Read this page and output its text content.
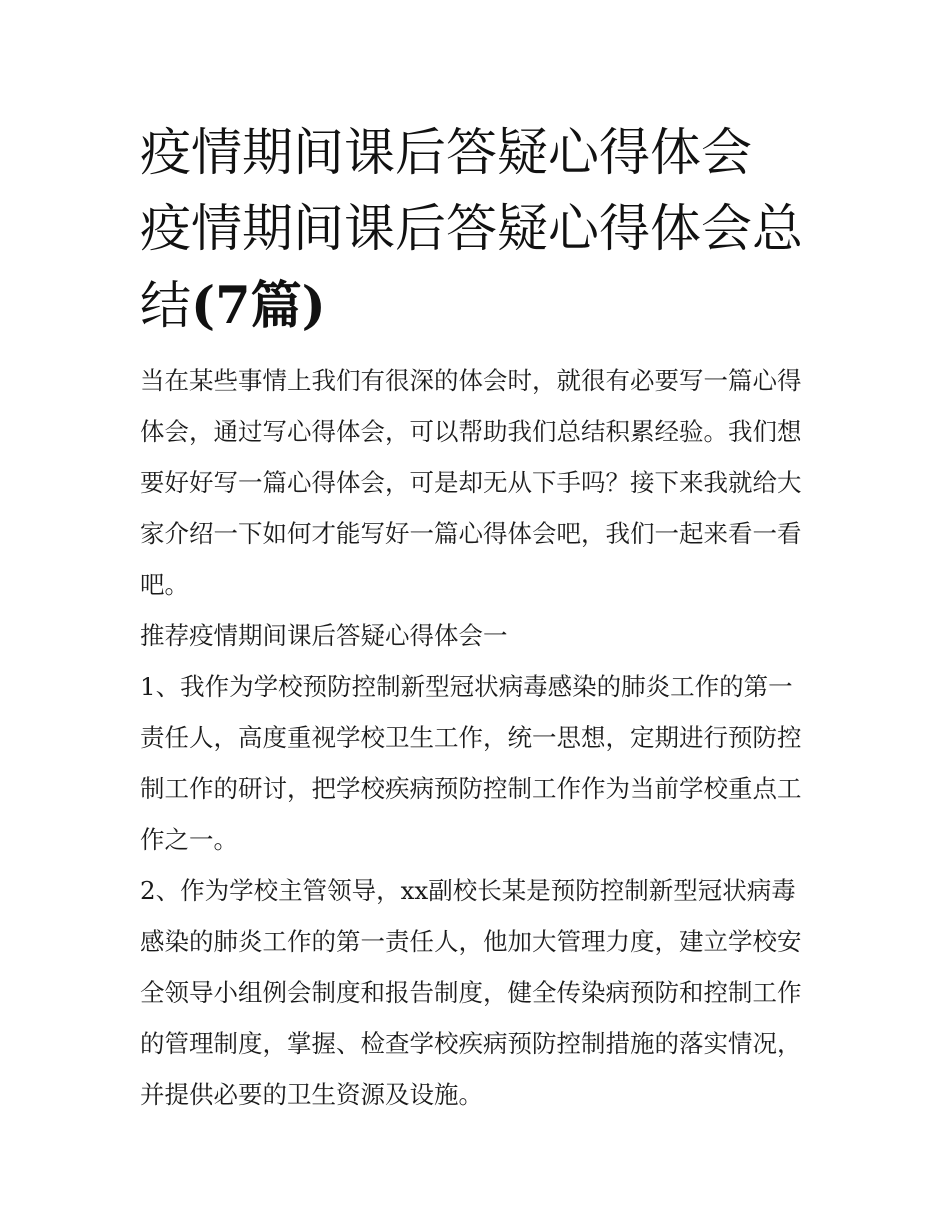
疫情期间课后答疑心得体会 疫情期间课后答疑心得体会总结(7篇)

当在某些事情上我们有很深的体会时，就很有必要写一篇心得体会，通过写心得体会，可以帮助我们总结积累经验。我们想要好好写一篇心得体会，可是却无从下手吗？接下来我就给大家介绍一下如何才能写好一篇心得体会吧，我们一起来看一看吧。

推荐疫情期间课后答疑心得体会一

1、我作为学校预防控制新型冠状病毒感染的肺炎工作的第一责任人，高度重视学校卫生工作，统一思想，定期进行预防控制工作的研讨，把学校疾病预防控制工作作为当前学校重点工作之一。

2、作为学校主管领导，xx副校长某是预防控制新型冠状病毒感染的肺炎工作的第一责任人，他加大管理力度，建立学校安全领导小组例会制度和报告制度，健全传染病预防和控制工作的管理制度，掌握、检查学校疾病预防控制措施的落实情况，并提供必要的卫生资源及设施。
